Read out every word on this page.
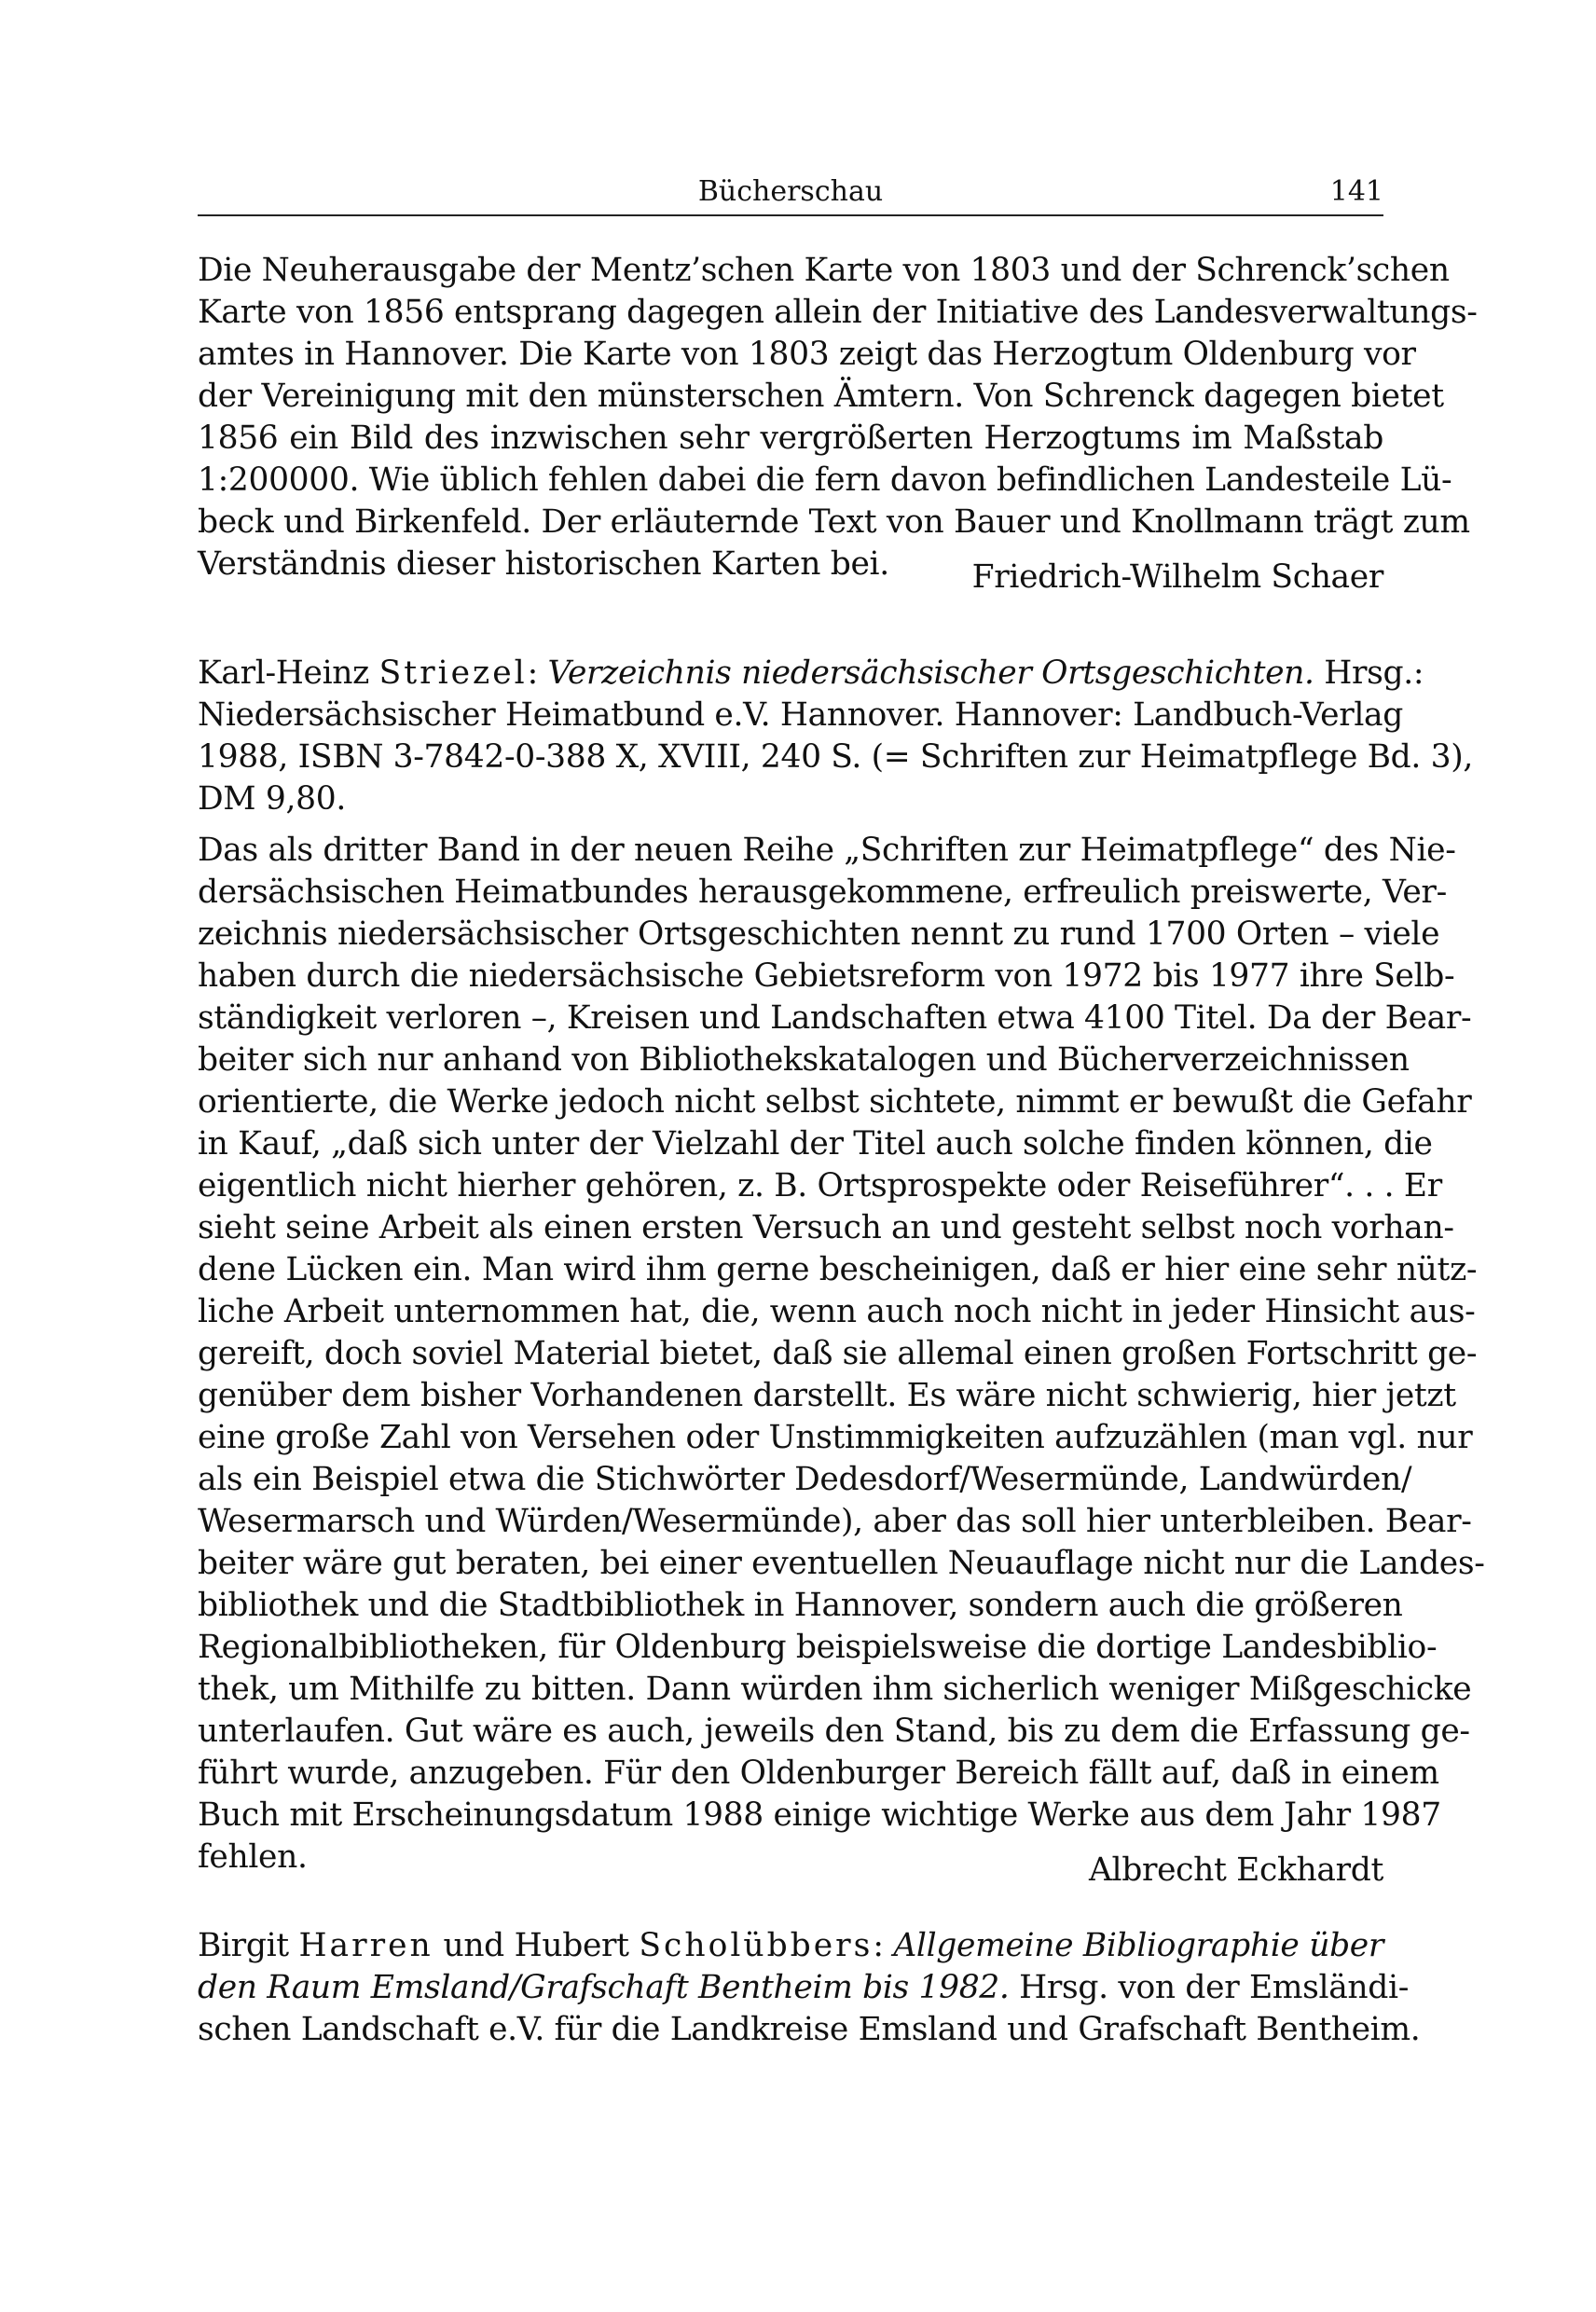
Bücherschau	141
Die Neuherausgabe der Mentz’schen Karte von 1803 und der Schrenck’schen
Karte von 1856 entsprang dagegen allein der Initiative des Landesverwaltungs-
amtes in Hannover. Die Karte von 1803 zeigt das Herzogtum Oldenburg vor
der Vereinigung mit den münsterschen Ämtern. Von Schrenck dagegen bietet
1856 ein Bild des inzwischen sehr vergrößerten Herzogtums im Maßstab
1:200000. Wie üblich fehlen dabei die fern davon befindlichen Landesteile Lü-
beck und Birkenfeld. Der erläuternde Text von Bauer und Knollmann trägt zum
Verständnis dieser historischen Karten bei.	Friedrich-Wilhelm Schaer
Karl-Heinz Striezel: Verzeichnis niedersächsischer Ortsgeschichten. Hrsg.:
Niedersächsischer Heimatbund e.V. Hannover. Hannover: Landbuch-Verlag
1988, ISBN 3-7842-0-388 X, XVIII, 240 S. (= Schriften zur Heimatpflege Bd. 3),
DM 9,80.
Das als dritter Band in der neuen Reihe „Schriften zur Heimatpflege“ des Nie-
dersächsischen Heimatbundes herausgekommene, erfreulich preiswerte, Ver-
zeichnis niedersächsischer Ortsgeschichten nennt zu rund 1700 Orten – viele
haben durch die niedersächsische Gebietsreform von 1972 bis 1977 ihre Selb-
ständigkeit verloren –, Kreisen und Landschaften etwa 4100 Titel. Da der Bear-
beiter sich nur anhand von Bibliothekskatalogen und Bücherverzeichnissen
orientierte, die Werke jedoch nicht selbst sichtete, nimmt er bewußt die Gefahr
in Kauf, „daß sich unter der Vielzahl der Titel auch solche finden können, die
eigentlich nicht hierher gehören, z. B. Ortsprospekte oder Reiseführer“. . . Er
sieht seine Arbeit als einen ersten Versuch an und gesteht selbst noch vorhan-
dene Lücken ein. Man wird ihm gerne bescheinigen, daß er hier eine sehr nütz-
liche Arbeit unternommen hat, die, wenn auch noch nicht in jeder Hinsicht aus-
gereift, doch soviel Material bietet, daß sie allemal einen großen Fortschritt ge-
genüber dem bisher Vorhandenen darstellt. Es wäre nicht schwierig, hier jetzt
eine große Zahl von Versehen oder Unstimmigkeiten aufzuzählen (man vgl. nur
als ein Beispiel etwa die Stichwörter Dedesdorf/Wesermünde, Landwürden/
Wesermarsch und Würden/Wesermünde), aber das soll hier unterbleiben. Bear-
beiter wäre gut beraten, bei einer eventuellen Neuauflage nicht nur die Landes-
bibliothek und die Stadtbibliothek in Hannover, sondern auch die größeren
Regionalbibliotheken, für Oldenburg beispielsweise die dortige Landesbiblio-
thek, um Mithilfe zu bitten. Dann würden ihm sicherlich weniger Mißgeschicke
unterlaufen. Gut wäre es auch, jeweils den Stand, bis zu dem die Erfassung ge-
führt wurde, anzugeben. Für den Oldenburger Bereich fällt auf, daß in einem
Buch mit Erscheinungsdatum 1988 einige wichtige Werke aus dem Jahr 1987
fehlen.	Albrecht Eckhardt
Birgit Harren und Hubert Scholübbers: Allgemeine Bibliographie über
den Raum Emsland/Grafschaft Bentheim bis 1982. Hrsg. von der Emsländi-
schen Landschaft e.V. für die Landkreise Emsland und Grafschaft Bentheim.
